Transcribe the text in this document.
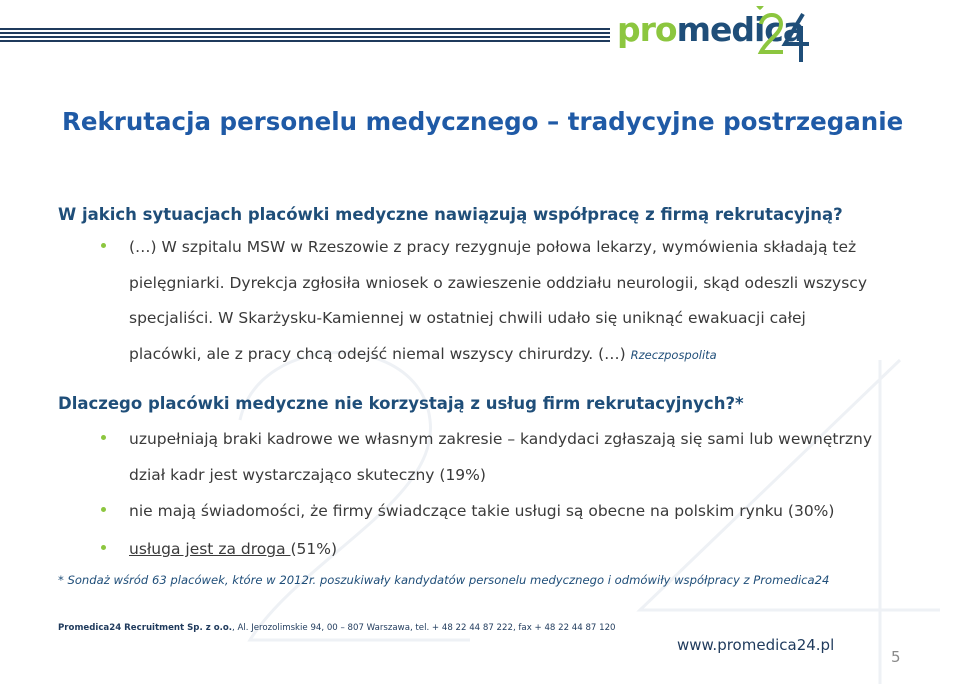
promedica
Rekrutacja personelu medycznego – tradycyjne postrzeganie

W jakich sytuacjach placówki medyczne nawiązują współpracę z firmą rekrutacyjną?

(…) W szpitalu MSW w Rzeszowie z pracy rezygnuje połowa lekarzy, wymówienia składają też pielęgniarki. Dyrekcja zgłosiła wniosek o zawieszenie oddziału neurologii, skąd odeszli wszyscy specjaliści. W Skarżysku-Kamiennej w ostatniej chwili udało się uniknąć ewakuacji całej placówki, ale z pracy chcą odejść niemal wszyscy chirurdzy. (…) Rzeczpospolita

Dlaczego placówki medyczne nie korzystają z usług firm rekrutacyjnych?*

uzupełniają braki kadrowe we własnym zakresie – kandydaci zgłaszają się sami lub wewnętrzny dział kadr jest wystarczająco skuteczny (19%)
nie mają świadomości, że firmy świadczące takie usługi są obecne na polskim rynku (30%)
usługa jest za droga (51%)

* Sondaż wśród 63 placówek, które w 2012r. poszukiwały kandydatów personelu medycznego i odmówiły współpracy z Promedica24

Promedica24 Recruitment Sp. z o.o., Al. Jerozolimskie 94, 00 – 807 Warszawa, tel. + 48 22 44 87 222, fax + 48 22 44 87 120

www.promedica24.pl

5
